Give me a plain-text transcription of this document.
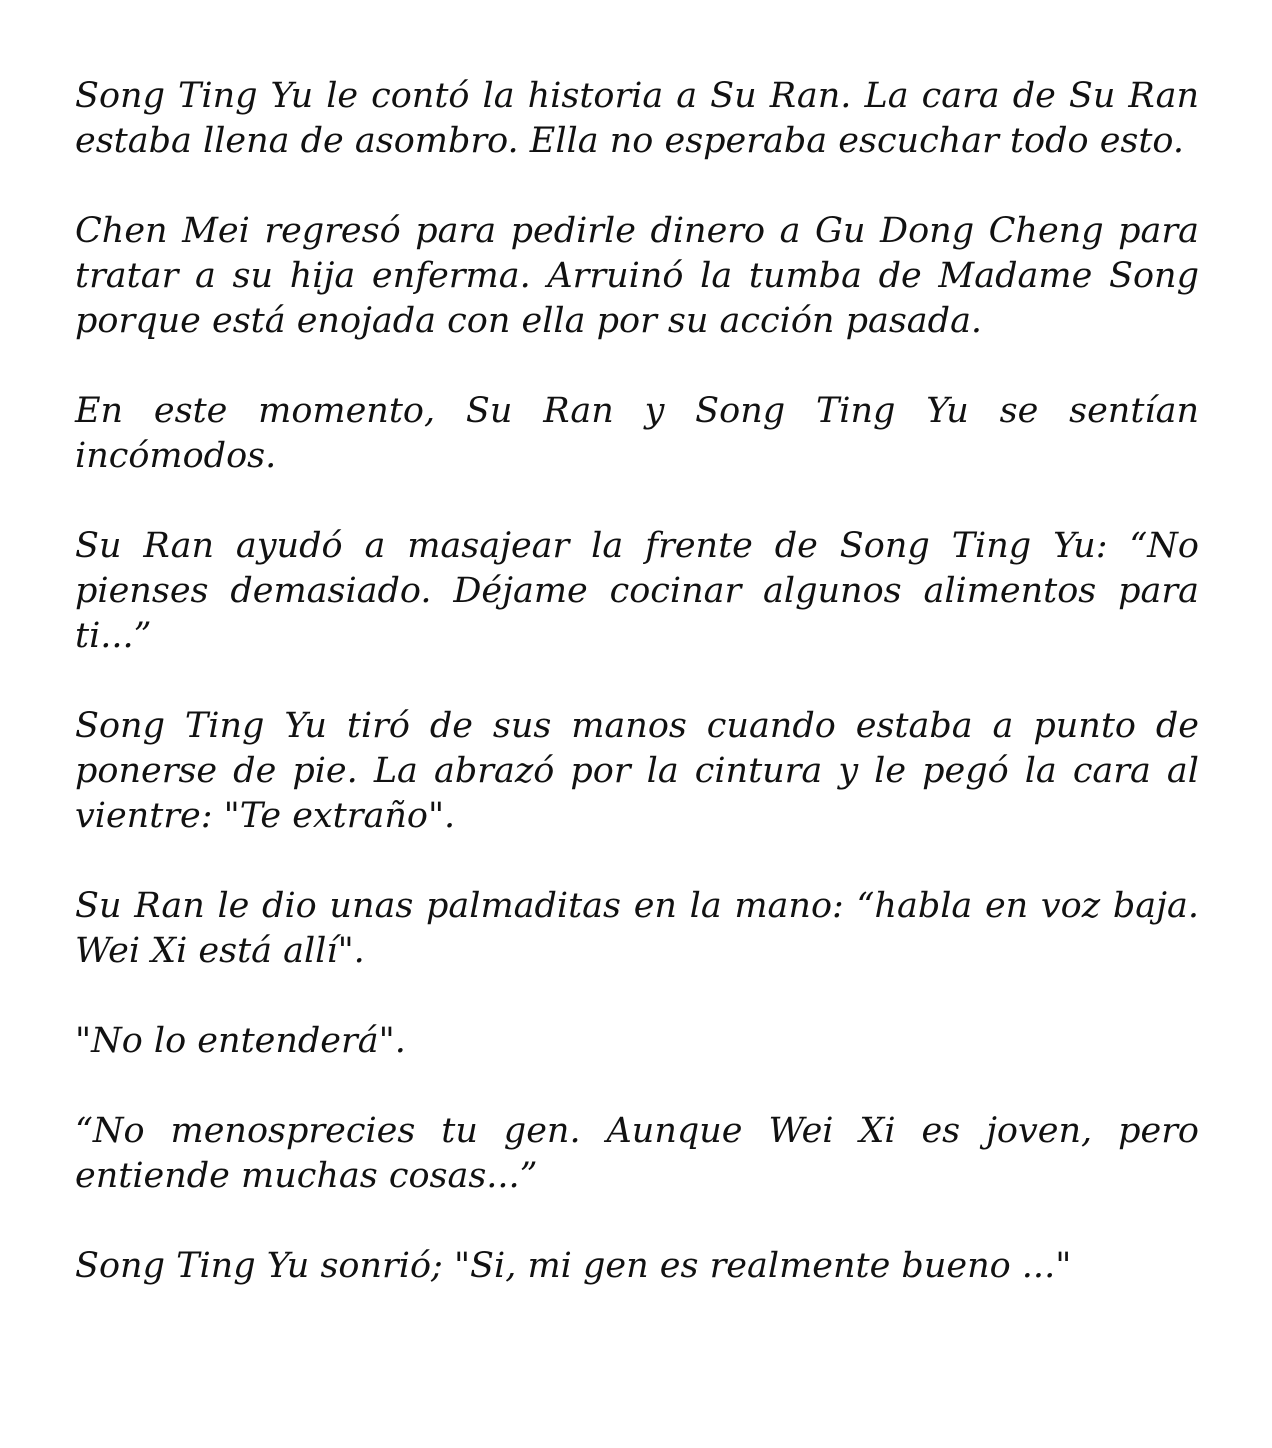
Song Ting Yu le contó la historia a Su Ran. La cara de Su Ran estaba llena de asombro. Ella no esperaba escuchar todo esto.

Chen Mei regresó para pedirle dinero a Gu Dong Cheng para tratar a su hija enferma. Arruinó la tumba de Madame Song porque está enojada con ella por su acción pasada.

En este momento, Su Ran y Song Ting Yu se sentían incómodos.

Su Ran ayudó a masajear la frente de Song Ting Yu: “No pienses demasiado. Déjame cocinar algunos alimentos para ti...”

Song Ting Yu tiró de sus manos cuando estaba a punto de ponerse de pie. La abrazó por la cintura y le pegó la cara al vientre: "Te extraño".

Su Ran le dio unas palmaditas en la mano: “habla en voz baja. Wei Xi está allí".

"No lo entenderá".

“No menosprecies tu gen. Aunque Wei Xi es joven, pero entiende muchas cosas...”

Song Ting Yu sonrió; "Si, mi gen es realmente bueno ..."
